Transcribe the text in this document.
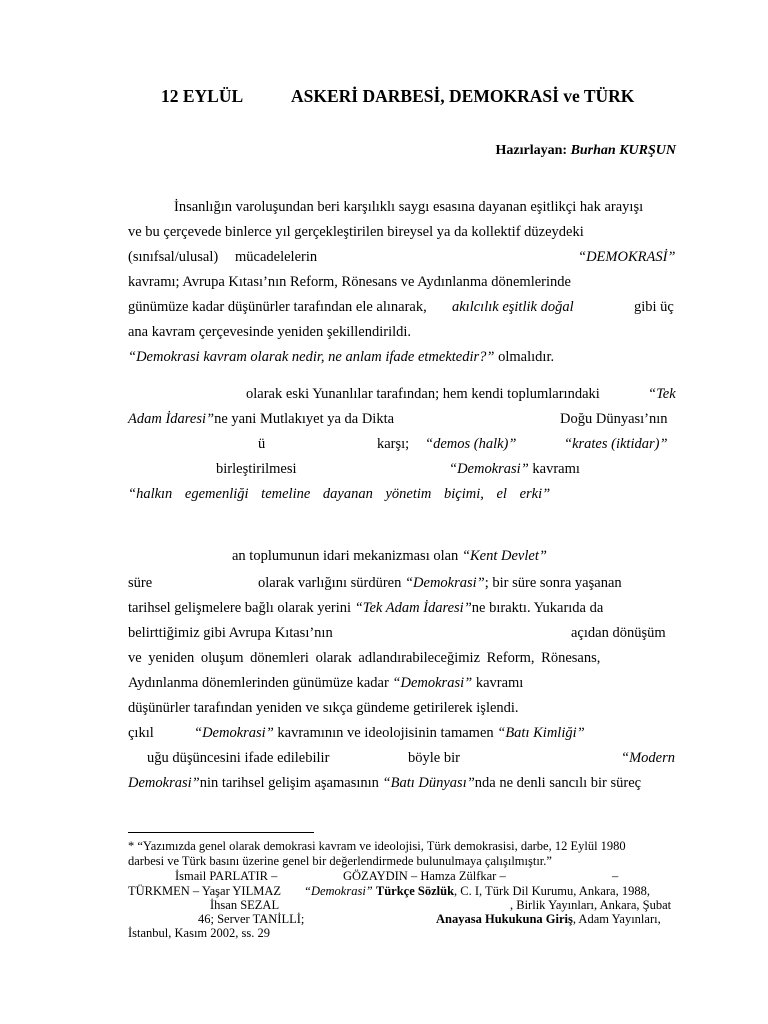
12 EYLÜL	ASKERİ DARBESİ, DEMOKRASİ ve TÜRK
Hazırlayan: Burhan KURŞUN
İnsanlığın varoluşundan beri karşılıklı saygı esasına dayanan eşitlikçi hak arayışı
ve bu çerçevede binlerce yıl gerçekleştirilen bireysel ya da kollektif düzeydeki
(sınıfsal/ulusal) mücadelelerin	“DEMOKRASİ”
kavramı; Avrupa Kıtası’nın Reform, Rönesans ve Aydınlanma dönemlerinde
günümüze kadar düşünürler tarafından ele alınarak, akılcılık eşitlik doğal	gibi üç
ana kavram çerçevesinde yeniden şekillendirildi.
“Demokrasi kavram olarak nedir, ne anlam ifade etmektedir?” olmalıdır.
olarak eski Yunanlılar tarafından; hem kendi toplumlarındaki	“Tek
Adam İdaresi”ne yani Mutlakıyet ya da Dikta	Doğu Dünyası’nın
ü	karşı; “demos (halk)”	“krates (iktidar)”
birleştirilmesi	“Demokrasi” kavramı
“halkın egemenliği temeline dayanan yönetim biçimi, el erki”
an toplumunun idari mekanizması olan “Kent Devlet”
süre	olarak varlığını sürdüren “Demokrasi”; bir süre sonra yaşanan
tarihsel gelişmelere bağlı olarak yerini “Tek Adam İdaresi”ne bıraktı. Yukarıda da
belirttiğimiz gibi Avrupa Kıtası’nın	açıdan dönüşüm
ve yeniden oluşum dönemleri olarak adlandırabileceğimiz Reform, Rönesans,
Aydınlanma dönemlerinden günümüze kadar “Demokrasi” kavramı
düşünürler tarafından yeniden ve sıkça gündeme getirilerek işlendi.
çıkıl	“Demokrasi” kavramının ve ideolojisinin tamamen “Batı Kimliği”
uğu düşüncesini ifade edilebilir	böyle bir	“Modern
Demokrasi”nin tarihsel gelişim aşamasının “Batı Dünyası”nda ne denli sancılı bir süreç
* “Yazımızda genel olarak demokrasi kavram ve ideolojisi, Türk demokrasisi, darbe, 12 Eylül 1980
darbesi ve Türk basını üzerine genel bir değerlendirmede bulunulmaya çalışılmıştır.”
İsmail PARLATIR –	GÖZAYDIN – Hamza Zülfkar –	–
TÜRKMEN – Yaşar YILMAZ “Demokrasi” Türkçe Sözlük, C. I, Türk Dil Kurumu, Ankara, 1988,
İhsan SEZAL	, Birlik Yayınları, Ankara, Şubat
46; Server TANİLLİ;	Anayasa Hukukuna Giriş, Adam Yayınları,
İstanbul, Kasım 2002, ss. 29
